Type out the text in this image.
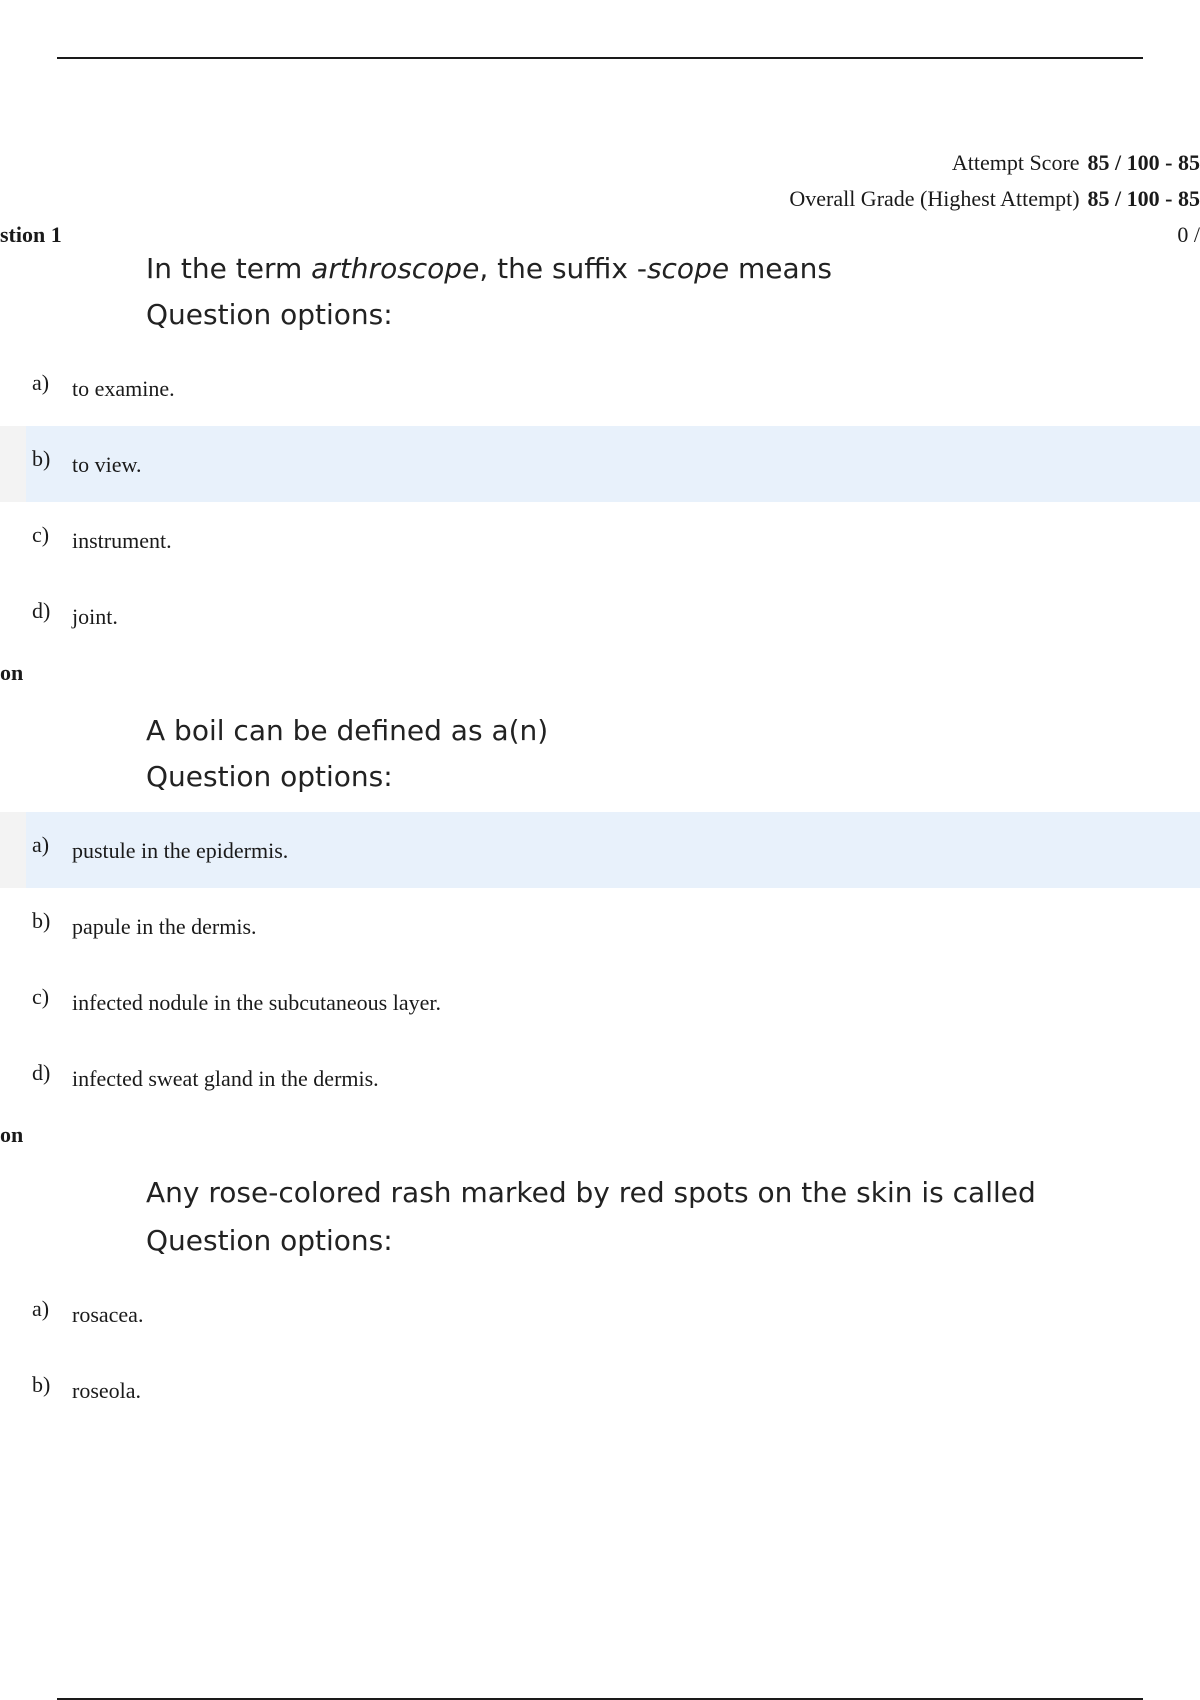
Attempt Score 85 / 100 - 85
Overall Grade (Highest Attempt) 85 / 100 - 85
stion 1	0 /
In the term arthroscope, the suffix -scope means
Question options:
a) to examine.
b) to view.
c) instrument.
d) joint.
on
A boil can be defined as a(n)
Question options:
a) pustule in the epidermis.
b) papule in the dermis.
c) infected nodule in the subcutaneous layer.
d) infected sweat gland in the dermis.
on
Any rose-colored rash marked by red spots on the skin is called
Question options:
a) rosacea.
b) roseola.
